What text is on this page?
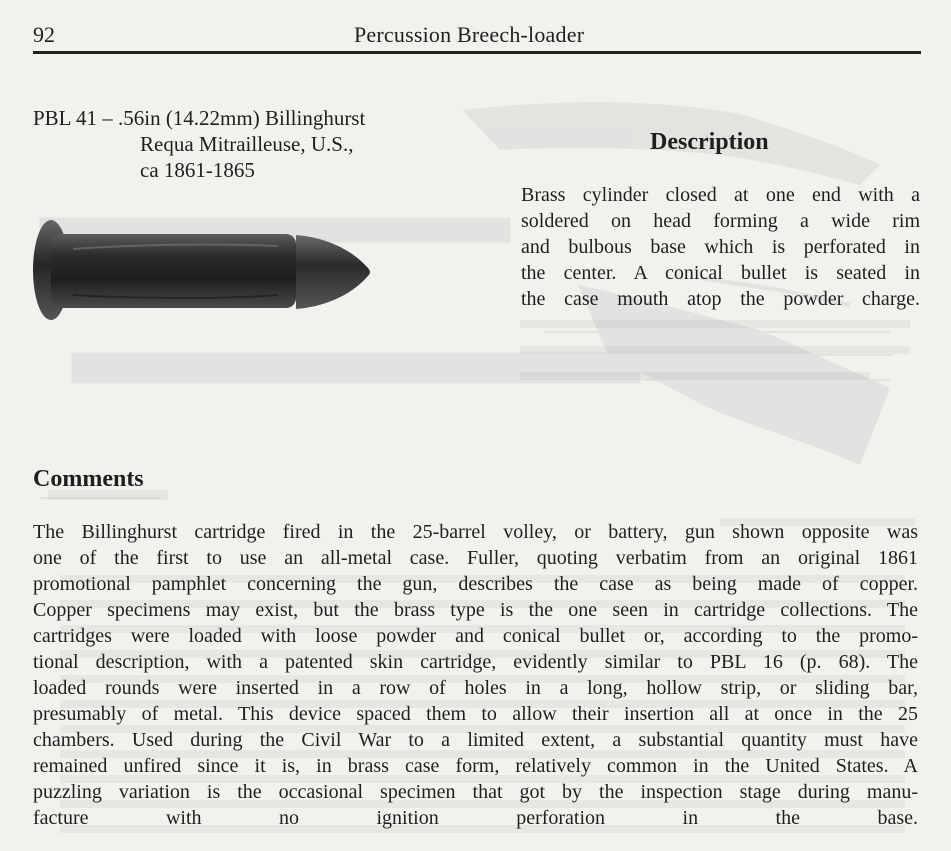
92	Percussion Breech-loader
PBL 41 – .56in (14.22mm) Billinghurst
Requa Mitrailleuse, U.S.,
ca 1861-1865
Description

Brass cylinder closed at one end with a
soldered on head forming a wide rim
and bulbous base which is perforated in
the center. A conical bullet is seated in
the case mouth atop the powder charge.

Comments

The Billinghurst cartridge fired in the 25-barrel volley, or battery, gun shown opposite was
one of the first to use an all-metal case. Fuller, quoting verbatim from an original 1861
promotional pamphlet concerning the gun, describes the case as being made of copper.
Copper specimens may exist, but the brass type is the one seen in cartridge collections. The
cartridges were loaded with loose powder and conical bullet or, according to the promo-
tional description, with a patented skin cartridge, evidently similar to PBL 16 (p. 68). The
loaded rounds were inserted in a row of holes in a long, hollow strip, or sliding bar,
presumably of metal. This device spaced them to allow their insertion all at once in the 25
chambers. Used during the Civil War to a limited extent, a substantial quantity must have
remained unfired since it is, in brass case form, relatively common in the United States. A
puzzling variation is the occasional specimen that got by the inspection stage during manu-
facture with no ignition perforation in the base.
